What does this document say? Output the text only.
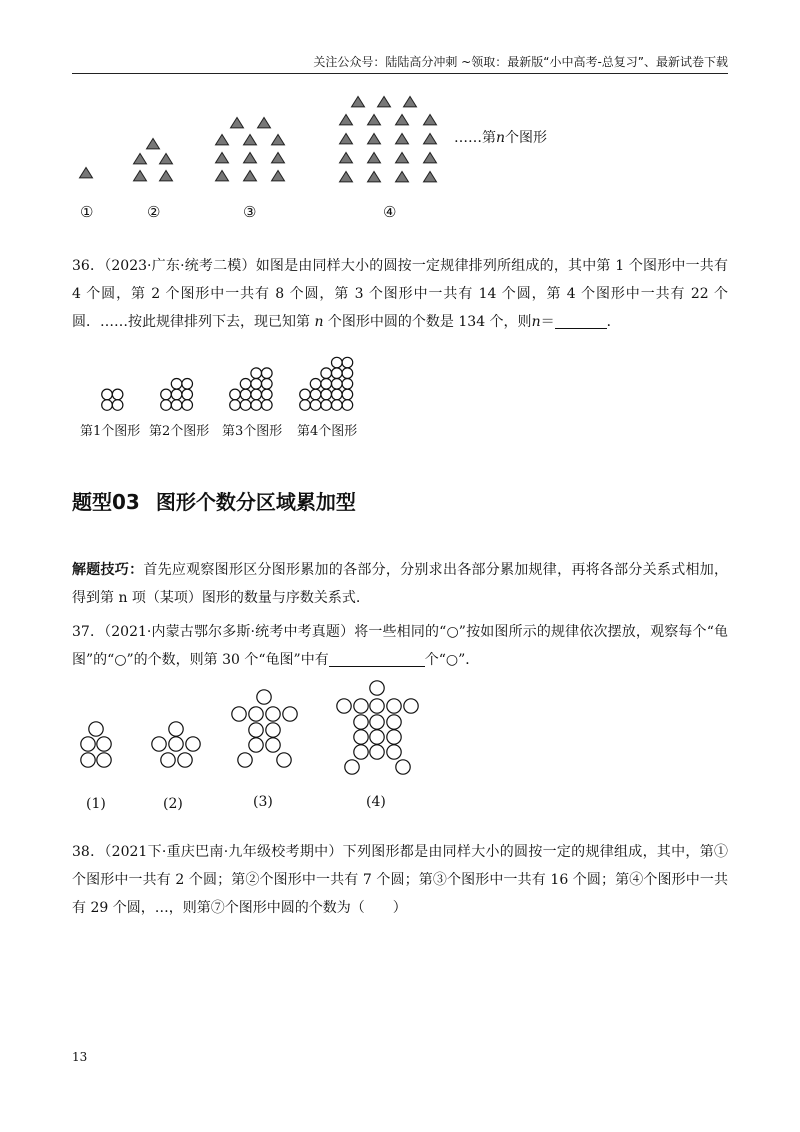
关注公众号：陆陆高分冲刺 ~领取：最新版“小中高考-总复习”、最新试卷下载
①	②	③	④
……第n个图形
36．（2023·广东·统考二模）如图是由同样大小的圆按一定规律排列所组成的，其中第 1 个图形中一共有 4 个圆，第 2 个图形中一共有 8 个圆，第 3 个图形中一共有 14 个圆，第 4 个图形中一共有 22 个圆．……按此规律排列下去，现已知第 n 个图形中圆的个数是 134 个，则n＝	．
第1个图形 第2个图形 第3个图形 第4个图形
题型03 图形个数分区域累加型
解题技巧：首先应观察图形区分图形累加的各部分，分别求出各部分累加规律，再将各部分关系式相加，得到第 n 项（某项）图形的数量与序数关系式.
37．（2021·内蒙古鄂尔多斯·统考中考真题）将一些相同的“○”按如图所示的规律依次摆放，观察每个“龟图”的“○”的个数，则第 30 个“龟图”中有	个“○”．
(1)	(2)	(3)	(4)
38．（2021下·重庆巴南·九年级校考期中）下列图形都是由同样大小的圆按一定的规律组成，其中，第①个图形中一共有 2 个圆；第②个图形中一共有 7 个圆；第③个图形中一共有 16 个圆；第④个图形中一共有 29 个圆，…，则第⑦个图形中圆的个数为（　　）
13
